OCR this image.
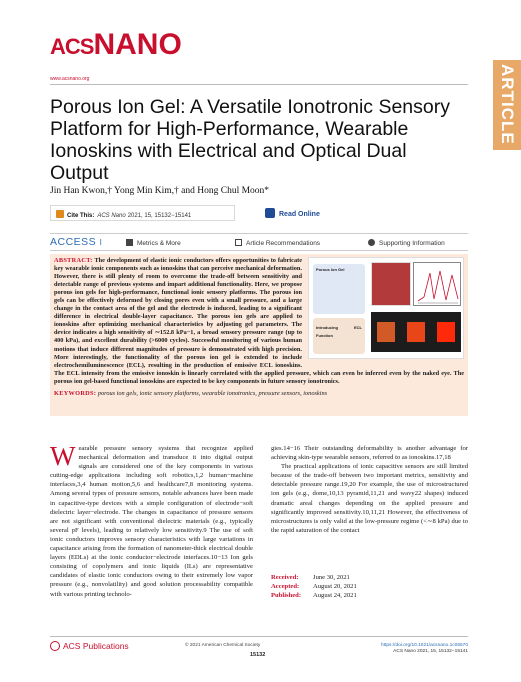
ACSNANO
www.acsnano.org	ARTICLE
Porous Ion Gel: A Versatile Ionotronic Sensory Platform for High-Performance, Wearable Ionoskins with Electrical and Optical Dual Output
Jin Han Kwon,† Yong Min Kim,† and Hong Chul Moon*
Cite This: ACS Nano 2021, 15, 15132−15141	Read Online
ACCESS I	Metrics & More	Article Recommendations	Supporting Information
Porous Ion Gel
Introducing ECL Function
ABSTRACT: The development of elastic ionic conductors offers opportunities to fabricate key wearable ionic components such as ionoskins that can perceive mechanical deformation. However, there is still plenty of room to overcome the trade-off between sensitivity and detectable range of previous systems and impart additional functionality. Here, we propose porous ion gels for high-performance, functional ionic sensory platforms. The porous ion gels can be effectively deformed by closing pores even with a small pressure, and a large change in the contact area of the gel and the electrode is induced, leading to a significant difference in electrical double-layer capacitance. The porous ion gels are applied to ionoskins after optimizing mechanical characteristics by adjusting gel parameters. The device indicates a high sensitivity of ∼152.8 kPa−1, a broad sensory pressure range (up to 400 kPa), and excellent durability (>6000 cycles). Successful monitoring of various human motions that induce different magnitudes of pressure is demonstrated with high precision. More interestingly, the functionality of the porous ion gel is extended to include electrochemiluminescence (ECL), resulting in the production of emissive ECL ionoskins. The ECL intensity from the emissive ionoskin is linearly correlated with the applied pressure, which can even be inferred even by the naked eye. The porous ion gel-based functional ionoskins are expected to be key components in future sensory ionotronics.
KEYWORDS: porous ion gels, ionic sensory platforms, wearable ionotronics, pressure sensors, ionoskins

Wearable pressure sensory systems that recognize applied mechanical deformation and transduce it into digital output signals are considered one of the key components in various cutting-edge applications including soft robotics,1,2 human−machine interfaces,3,4 human motion,5,6 and healthcare7,8 monitoring systems. Among several types of pressure sensors, notable advances have been made in capacitive-type devices with a simple configuration of electrode−soft dielectric layer−electrode. The changes in capacitance of pressure sensors are not significant with conventional dielectric materials (e.g., typically several pF levels), leading to relatively low sensitivity.9 The use of soft ionic conductors improves sensory characteristics with large variations in capacitance arising from the formation of nanometer-thick electrical double layers (EDLs) at the ionic conductor−electrode interfaces.10−13 Ion gels consisting of copolymers and ionic liquids (ILs) are representative candidates of elastic ionic conductors owing to their extremely low vapor pressure (e.g., nonvolatility) and good solution processability compatible with various printing technolo-

gies.14−16 Their outstanding deformability is another advantage for achieving skin-type wearable sensors, referred to as ionoskins.17,18

The practical applications of ionic capacitive sensors are still limited because of the trade-off between two important metrics, sensitivity and detectable pressure range.19,20 For example, the use of microstructured ion gels (e.g., dome,10,13 pyramid,11,21 and wavy22 shapes) induced dramatic areal changes depending on the applied pressure and significantly improved sensitivity.10,11,21 However, the effectiveness of microstructures is only valid at the low-pressure regime (<∼8 kPa) due to the rapid saturation of the contact

Received: June 30, 2021
Accepted: August 20, 2021
Published: August 24, 2021
ACS Publications	© 2021 American Chemical Society
15132
https://doi.org/10.1021/acsnano.1c05570
ACS Nano 2021, 15, 15132−15141
